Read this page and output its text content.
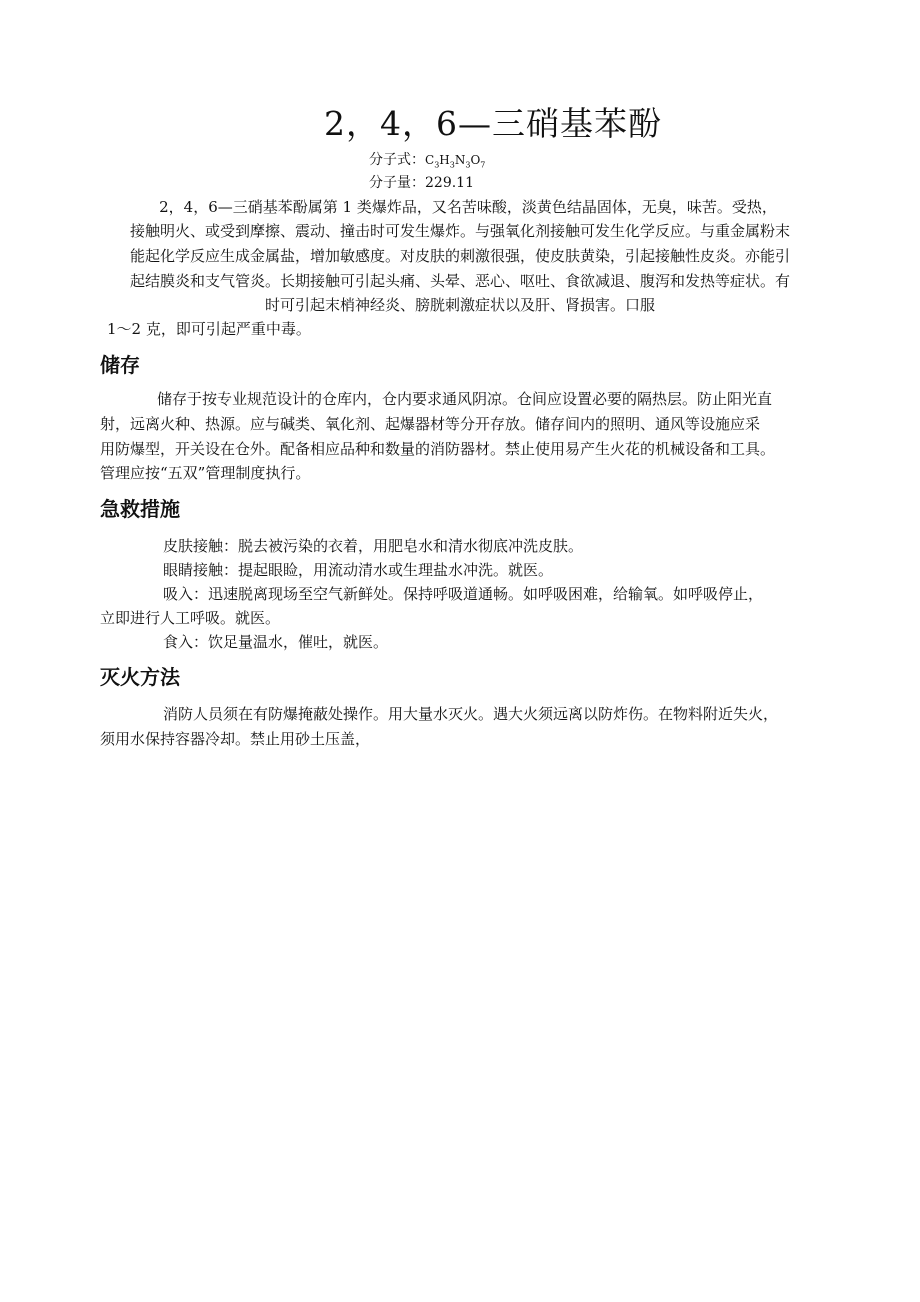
2，4，6—三硝基苯酚
分子式：$C_3H_3N_3O_7$
分子量：229.11
2，4，6—三硝基苯酚属第 1 类爆炸品，又名苦味酸，淡黄色结晶固体，无臭，味苦。受热，
接触明火、或受到摩擦、震动、撞击时可发生爆炸。与强氧化剂接触可发生化学反应。与重金属粉末
能起化学反应生成金属盐，增加敏感度。对皮肤的刺激很强，使皮肤黄染，引起接触性皮炎。亦能引
起结膜炎和支气管炎。长期接触可引起头痛、头晕、恶心、呕吐、食欲减退、腹泻和发热等症状。有
时可引起末梢神经炎、膀胱刺激症状以及肝、肾损害。口服
1～2 克，即可引起严重中毒。
储存
储存于按专业规范设计的仓库内，仓内要求通风阴凉。仓间应设置必要的隔热层。防止阳光直
射，远离火种、热源。应与碱类、氧化剂、起爆器材等分开存放。储存间内的照明、通风等设施应采
用防爆型，开关设在仓外。配备相应品种和数量的消防器材。禁止使用易产生火花的机械设备和工具。
管理应按“五双”管理制度执行。
急救措施
皮肤接触：脱去被污染的衣着，用肥皂水和清水彻底冲洗皮肤。
眼睛接触：提起眼睑，用流动清水或生理盐水冲洗。就医。
吸入：迅速脱离现场至空气新鲜处。保持呼吸道通畅。如呼吸困难，给输氧。如呼吸停止，
立即进行人工呼吸。就医。
食入：饮足量温水，催吐，就医。
灭火方法
消防人员须在有防爆掩蔽处操作。用大量水灭火。遇大火须远离以防炸伤。在物料附近失火，
须用水保持容器冷却。禁止用砂土压盖，
